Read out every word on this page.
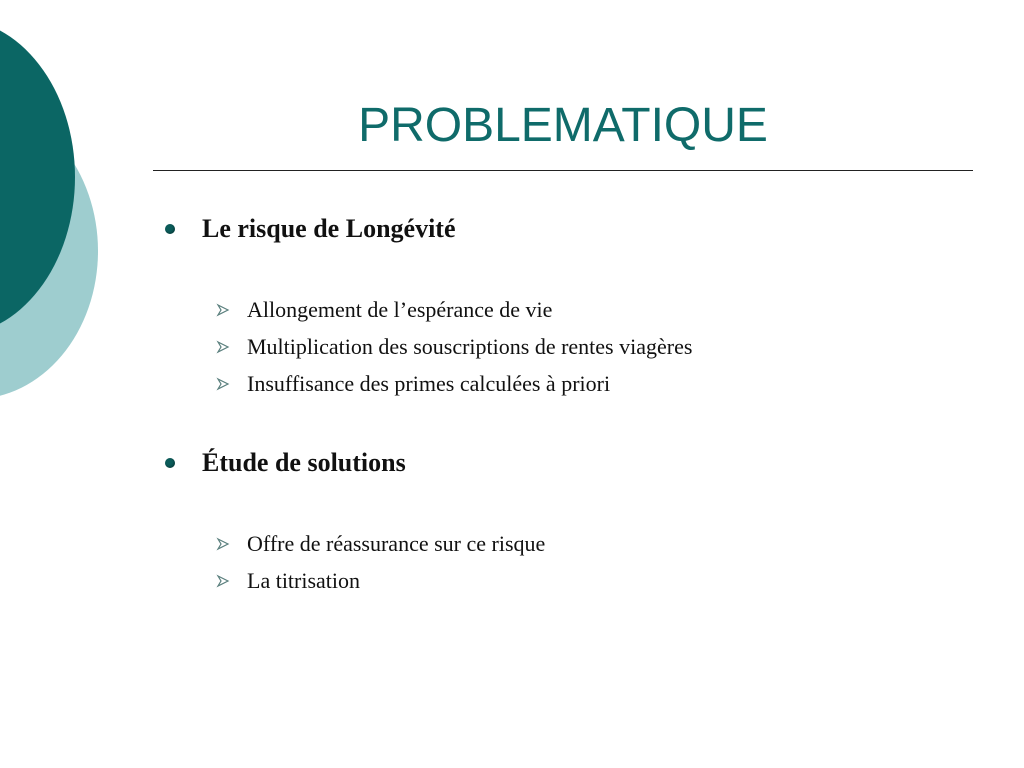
PROBLEMATIQUE
Le risque de Longévité
Allongement de l’espérance de vie
Multiplication des souscriptions de rentes viagères
Insuffisance des primes calculées à priori
Étude de solutions
Offre de réassurance sur ce risque
La titrisation
